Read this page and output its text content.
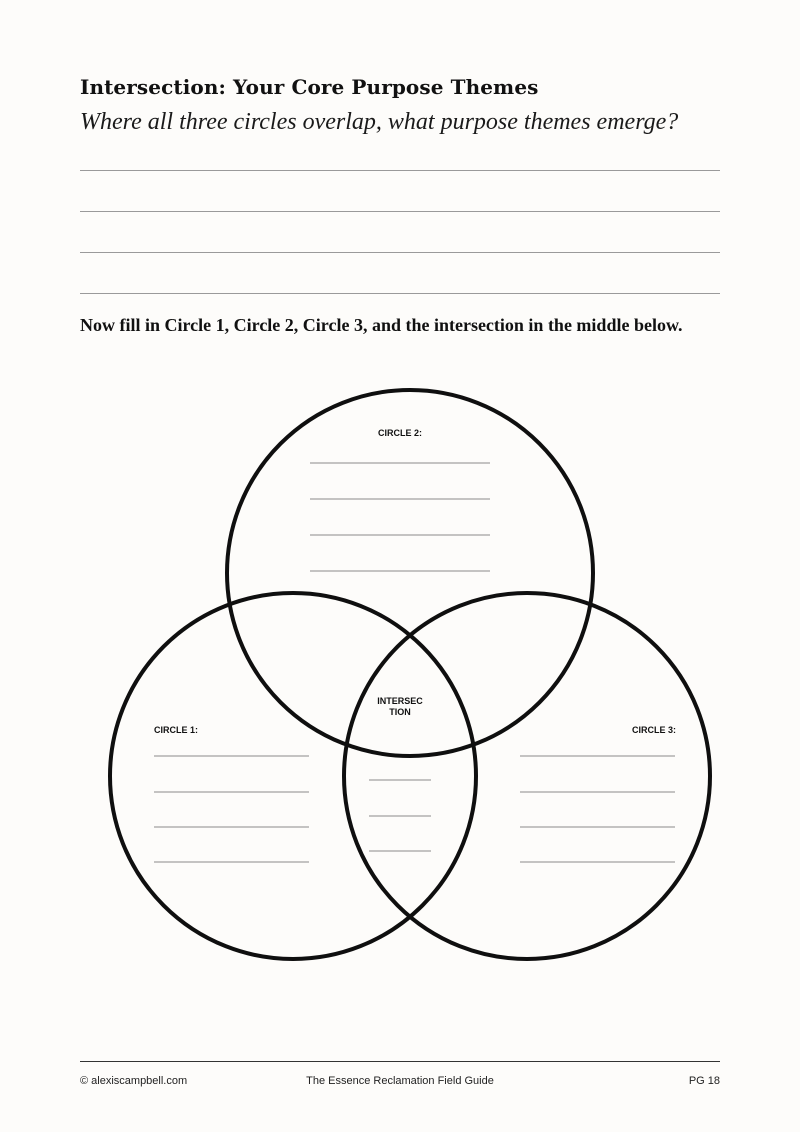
Intersection: Your Core Purpose Themes

Where all three circles overlap, what purpose themes emerge?

Now fill in Circle 1, Circle 2, Circle 3, and the intersection in the middle below.

CIRCLE 2:
CIRCLE 1:	CIRCLE 3:
INTERSEC
TION

© alexiscampbell.com	The Essence Reclamation Field Guide	PG 18
